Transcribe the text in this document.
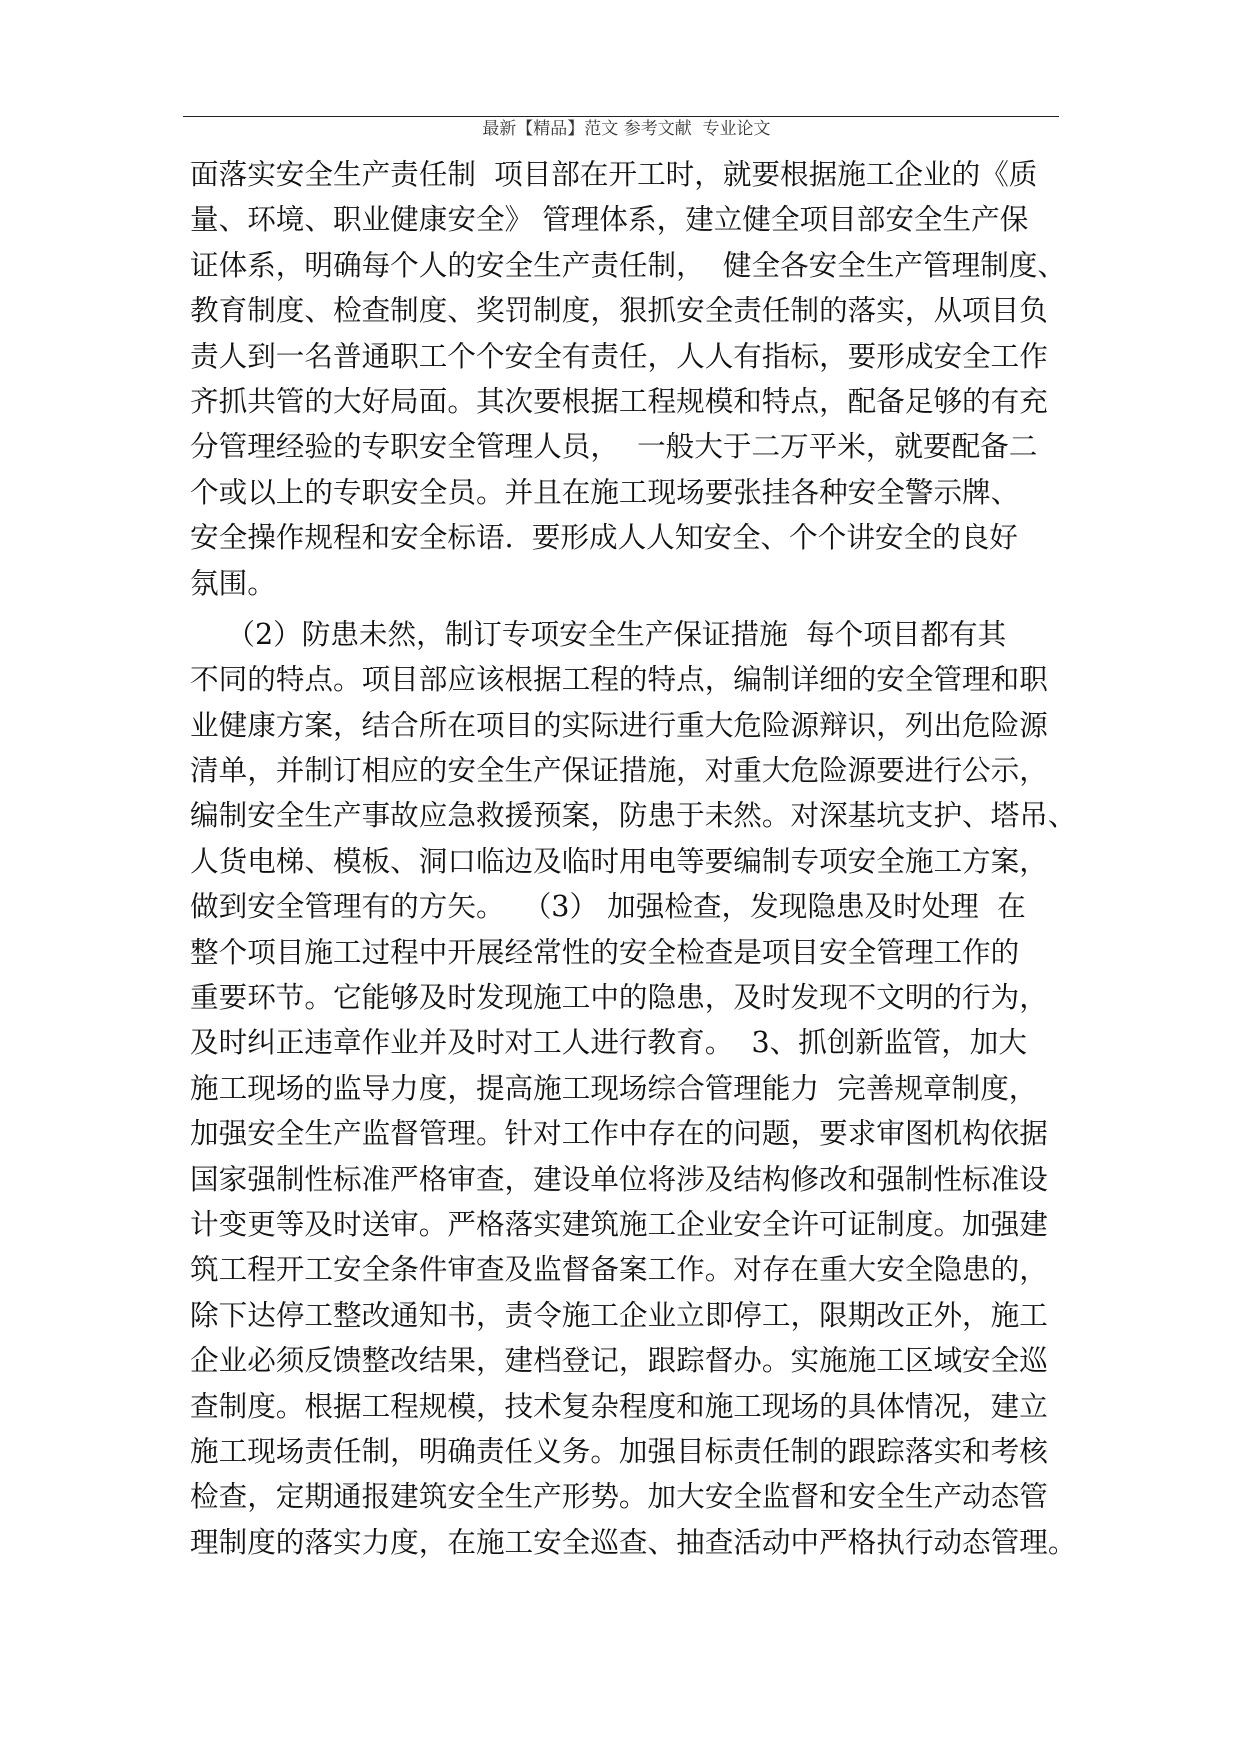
最新【精品】范文 参考文献  专业论文

面落实安全生产责任制  项目部在开工时，就要根据施工企业的《质
量、环境、职业健康安全》 管理体系，建立健全项目部安全生产保
证体系，明确每个人的安全生产责任制，  健全各安全生产管理制度、
教育制度、检查制度、奖罚制度，狠抓安全责任制的落实，从项目负
责人到一名普通职工个个安全有责任，人人有指标，要形成安全工作
齐抓共管的大好局面。其次要根据工程规模和特点，配备足够的有充
分管理经验的专职安全管理人员，  一般大于二万平米，就要配备二
个或以上的专职安全员。并且在施工现场要张挂各种安全警示牌、
安全操作规程和安全标语.  要形成人人知安全、个个讲安全的良好
氛围。
（2）防患未然，制订专项安全生产保证措施  每个项目都有其
不同的特点。项目部应该根据工程的特点，编制详细的安全管理和职
业健康方案，结合所在项目的实际进行重大危险源辩识，列出危险源
清单，并制订相应的安全生产保证措施，对重大危险源要进行公示，
编制安全生产事故应急救援预案，防患于未然。对深基坑支护、塔吊、
人货电梯、模板、洞口临边及临时用电等要编制专项安全施工方案，
做到安全管理有的方矢。  （3） 加强检查，发现隐患及时处理  在
整个项目施工过程中开展经常性的安全检查是项目安全管理工作的
重要环节。它能够及时发现施工中的隐患，及时发现不文明的行为，
及时纠正违章作业并及时对工人进行教育。  3、抓创新监管，加大
施工现场的监导力度，提高施工现场综合管理能力  完善规章制度，
加强安全生产监督管理。针对工作中存在的问题，要求审图机构依据
国家强制性标准严格审查，建设单位将涉及结构修改和强制性标准设
计变更等及时送审。严格落实建筑施工企业安全许可证制度。加强建
筑工程开工安全条件审查及监督备案工作。对存在重大安全隐患的，
除下达停工整改通知书，责令施工企业立即停工，限期改正外，施工
企业必须反馈整改结果，建档登记，跟踪督办。实施施工区域安全巡
查制度。根据工程规模，技术复杂程度和施工现场的具体情况，建立
施工现场责任制，明确责任义务。加强目标责任制的跟踪落实和考核
检查，定期通报建筑安全生产形势。加大安全监督和安全生产动态管
理制度的落实力度，在施工安全巡查、抽查活动中严格执行动态管理。
